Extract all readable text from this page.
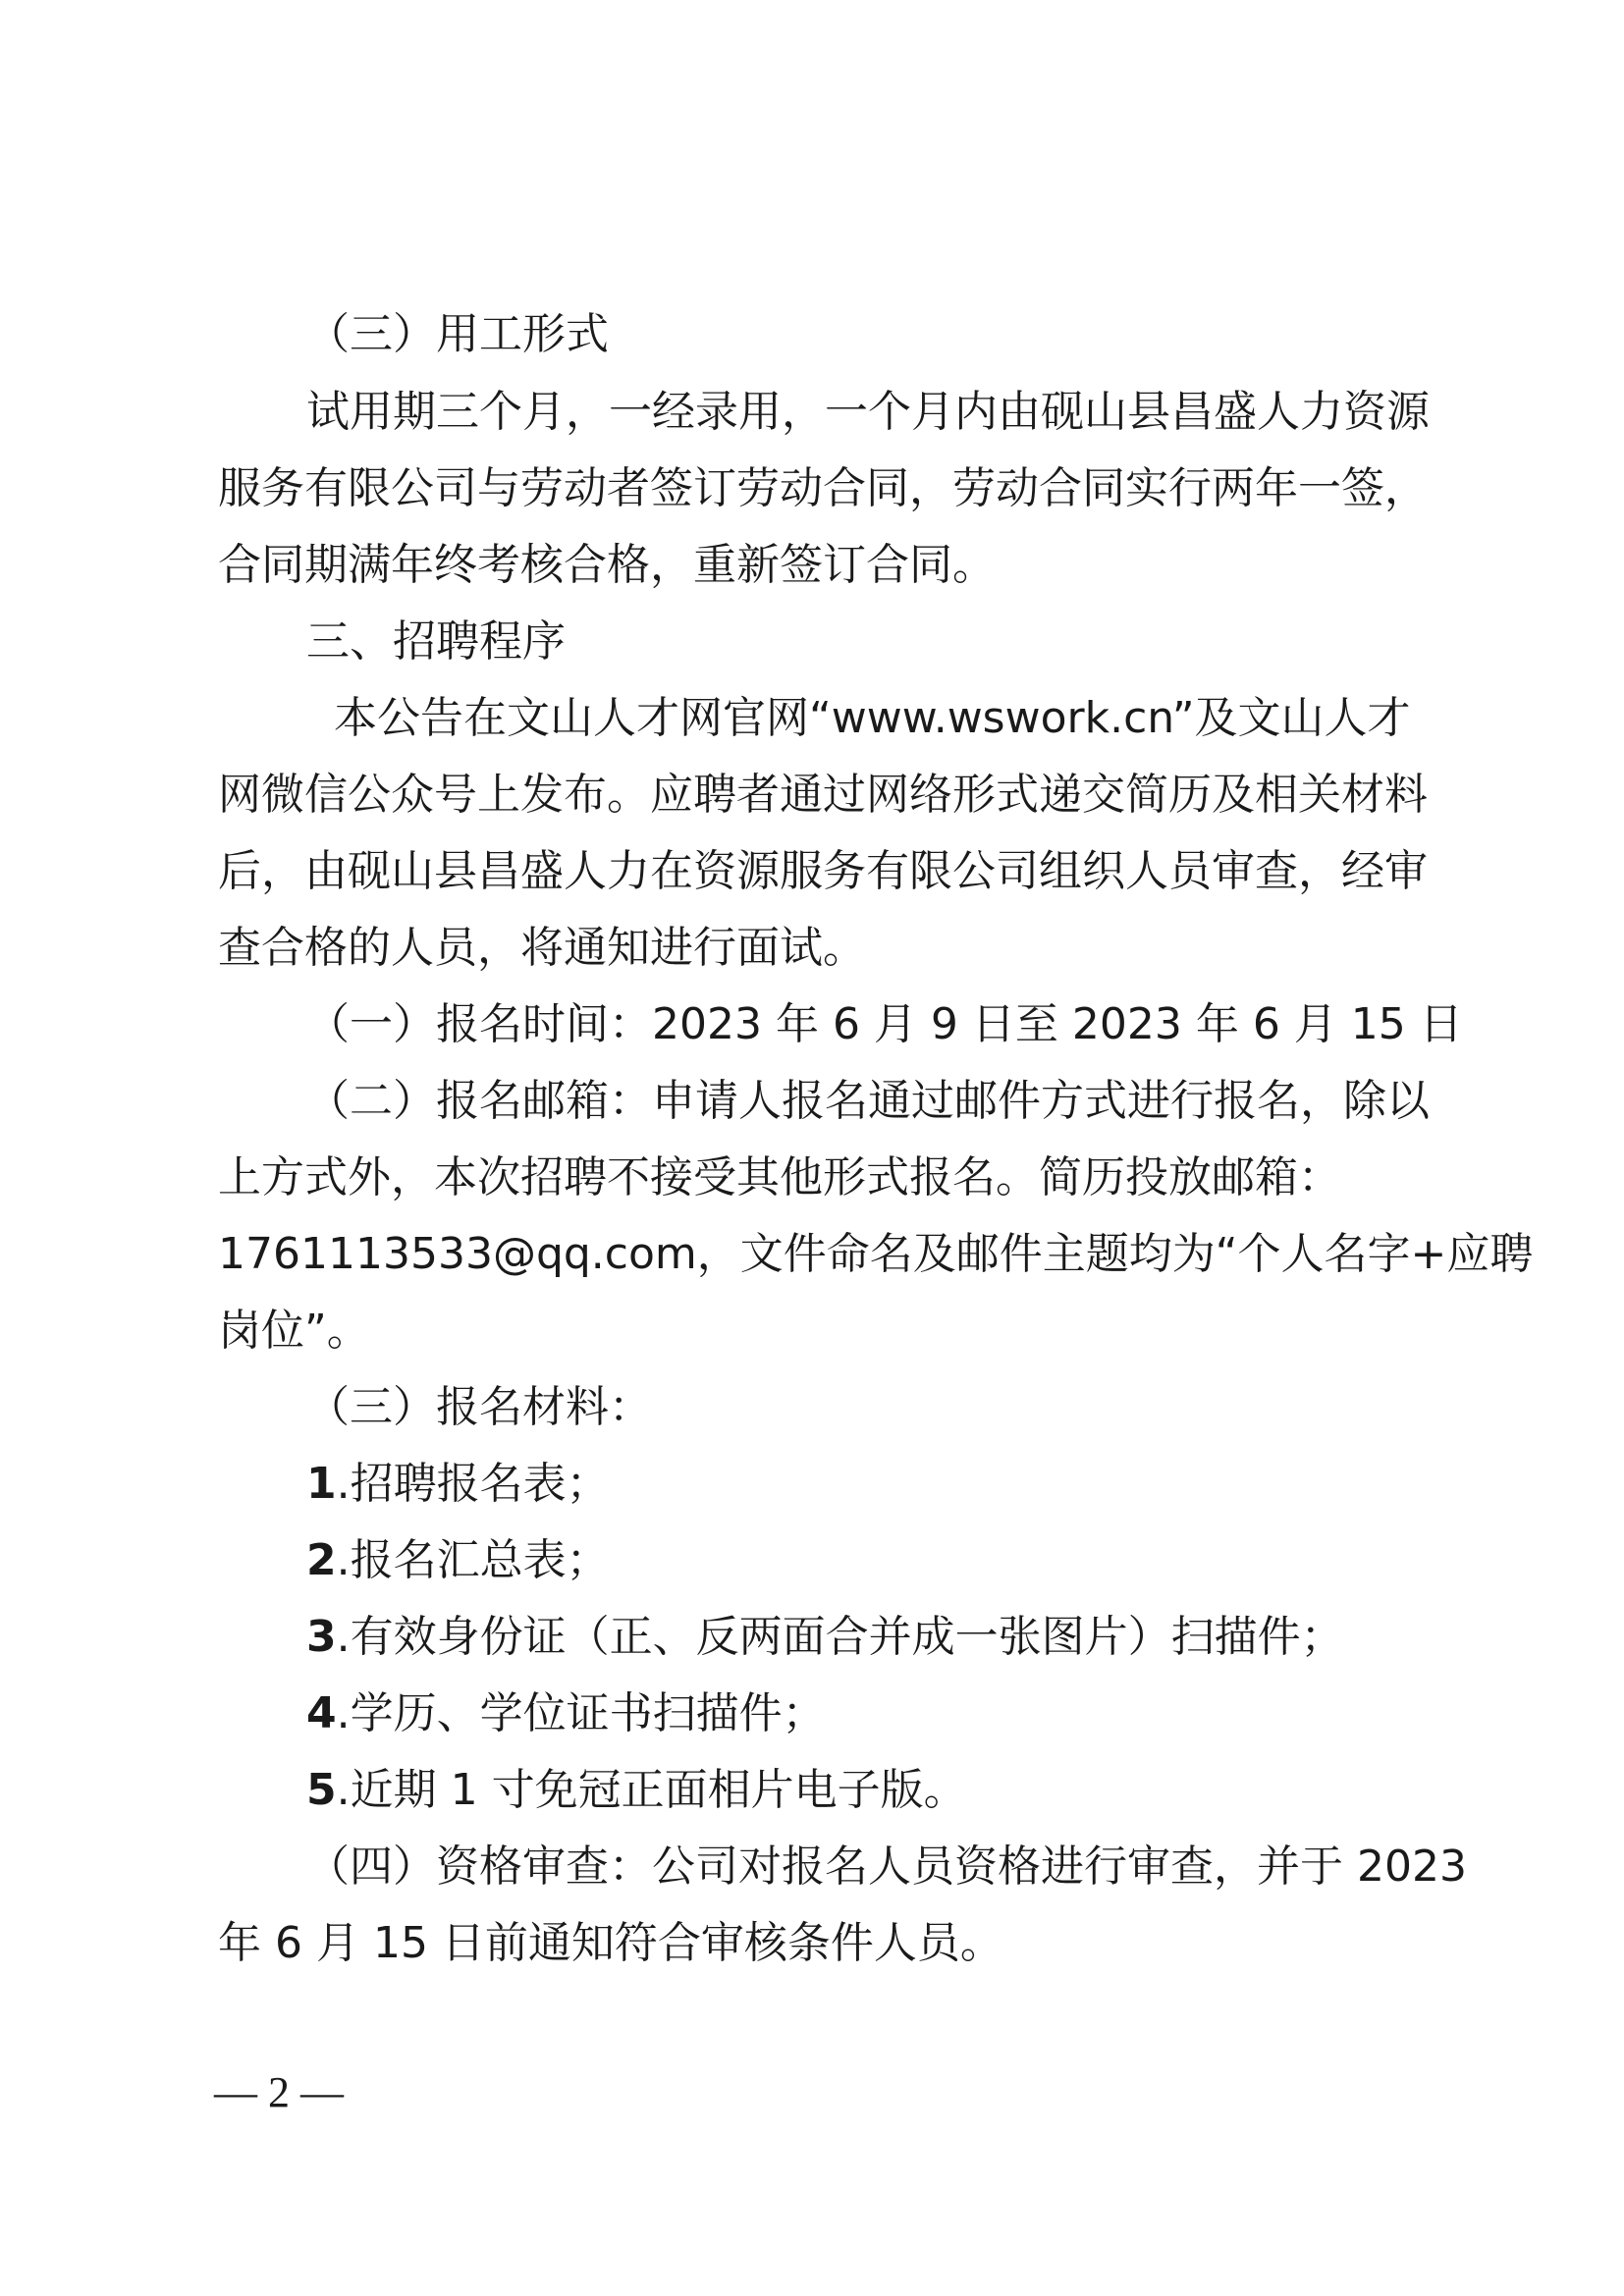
（三）用工形式
试用期三个月，一经录用，一个月内由砚山县昌盛人力资源
服务有限公司与劳动者签订劳动合同，劳动合同实行两年一签，
合同期满年终考核合格，重新签订合同。
三、招聘程序
本公告在文山人才网官网“www.wswork.cn”及文山人才
网微信公众号上发布。应聘者通过网络形式递交简历及相关材料
后，由砚山县昌盛人力在资源服务有限公司组织人员审查，经审
查合格的人员，将通知进行面试。
（一）报名时间：2023 年 6 月 9 日至 2023 年 6 月 15 日
（二）报名邮箱：申请人报名通过邮件方式进行报名，除以
上方式外，本次招聘不接受其他形式报名。简历投放邮箱：
1761113533@qq.com，文件命名及邮件主题均为“个人名字+应聘
岗位”。
（三）报名材料：
1.招聘报名表；
2.报名汇总表；
3.有效身份证（正、反两面合并成一张图片）扫描件；
4.学历、学位证书扫描件；
5.近期 1 寸免冠正面相片电子版。
（四）资格审查：公司对报名人员资格进行审查，并于 2023
年 6 月 15 日前通知符合审核条件人员。
— 2 —
